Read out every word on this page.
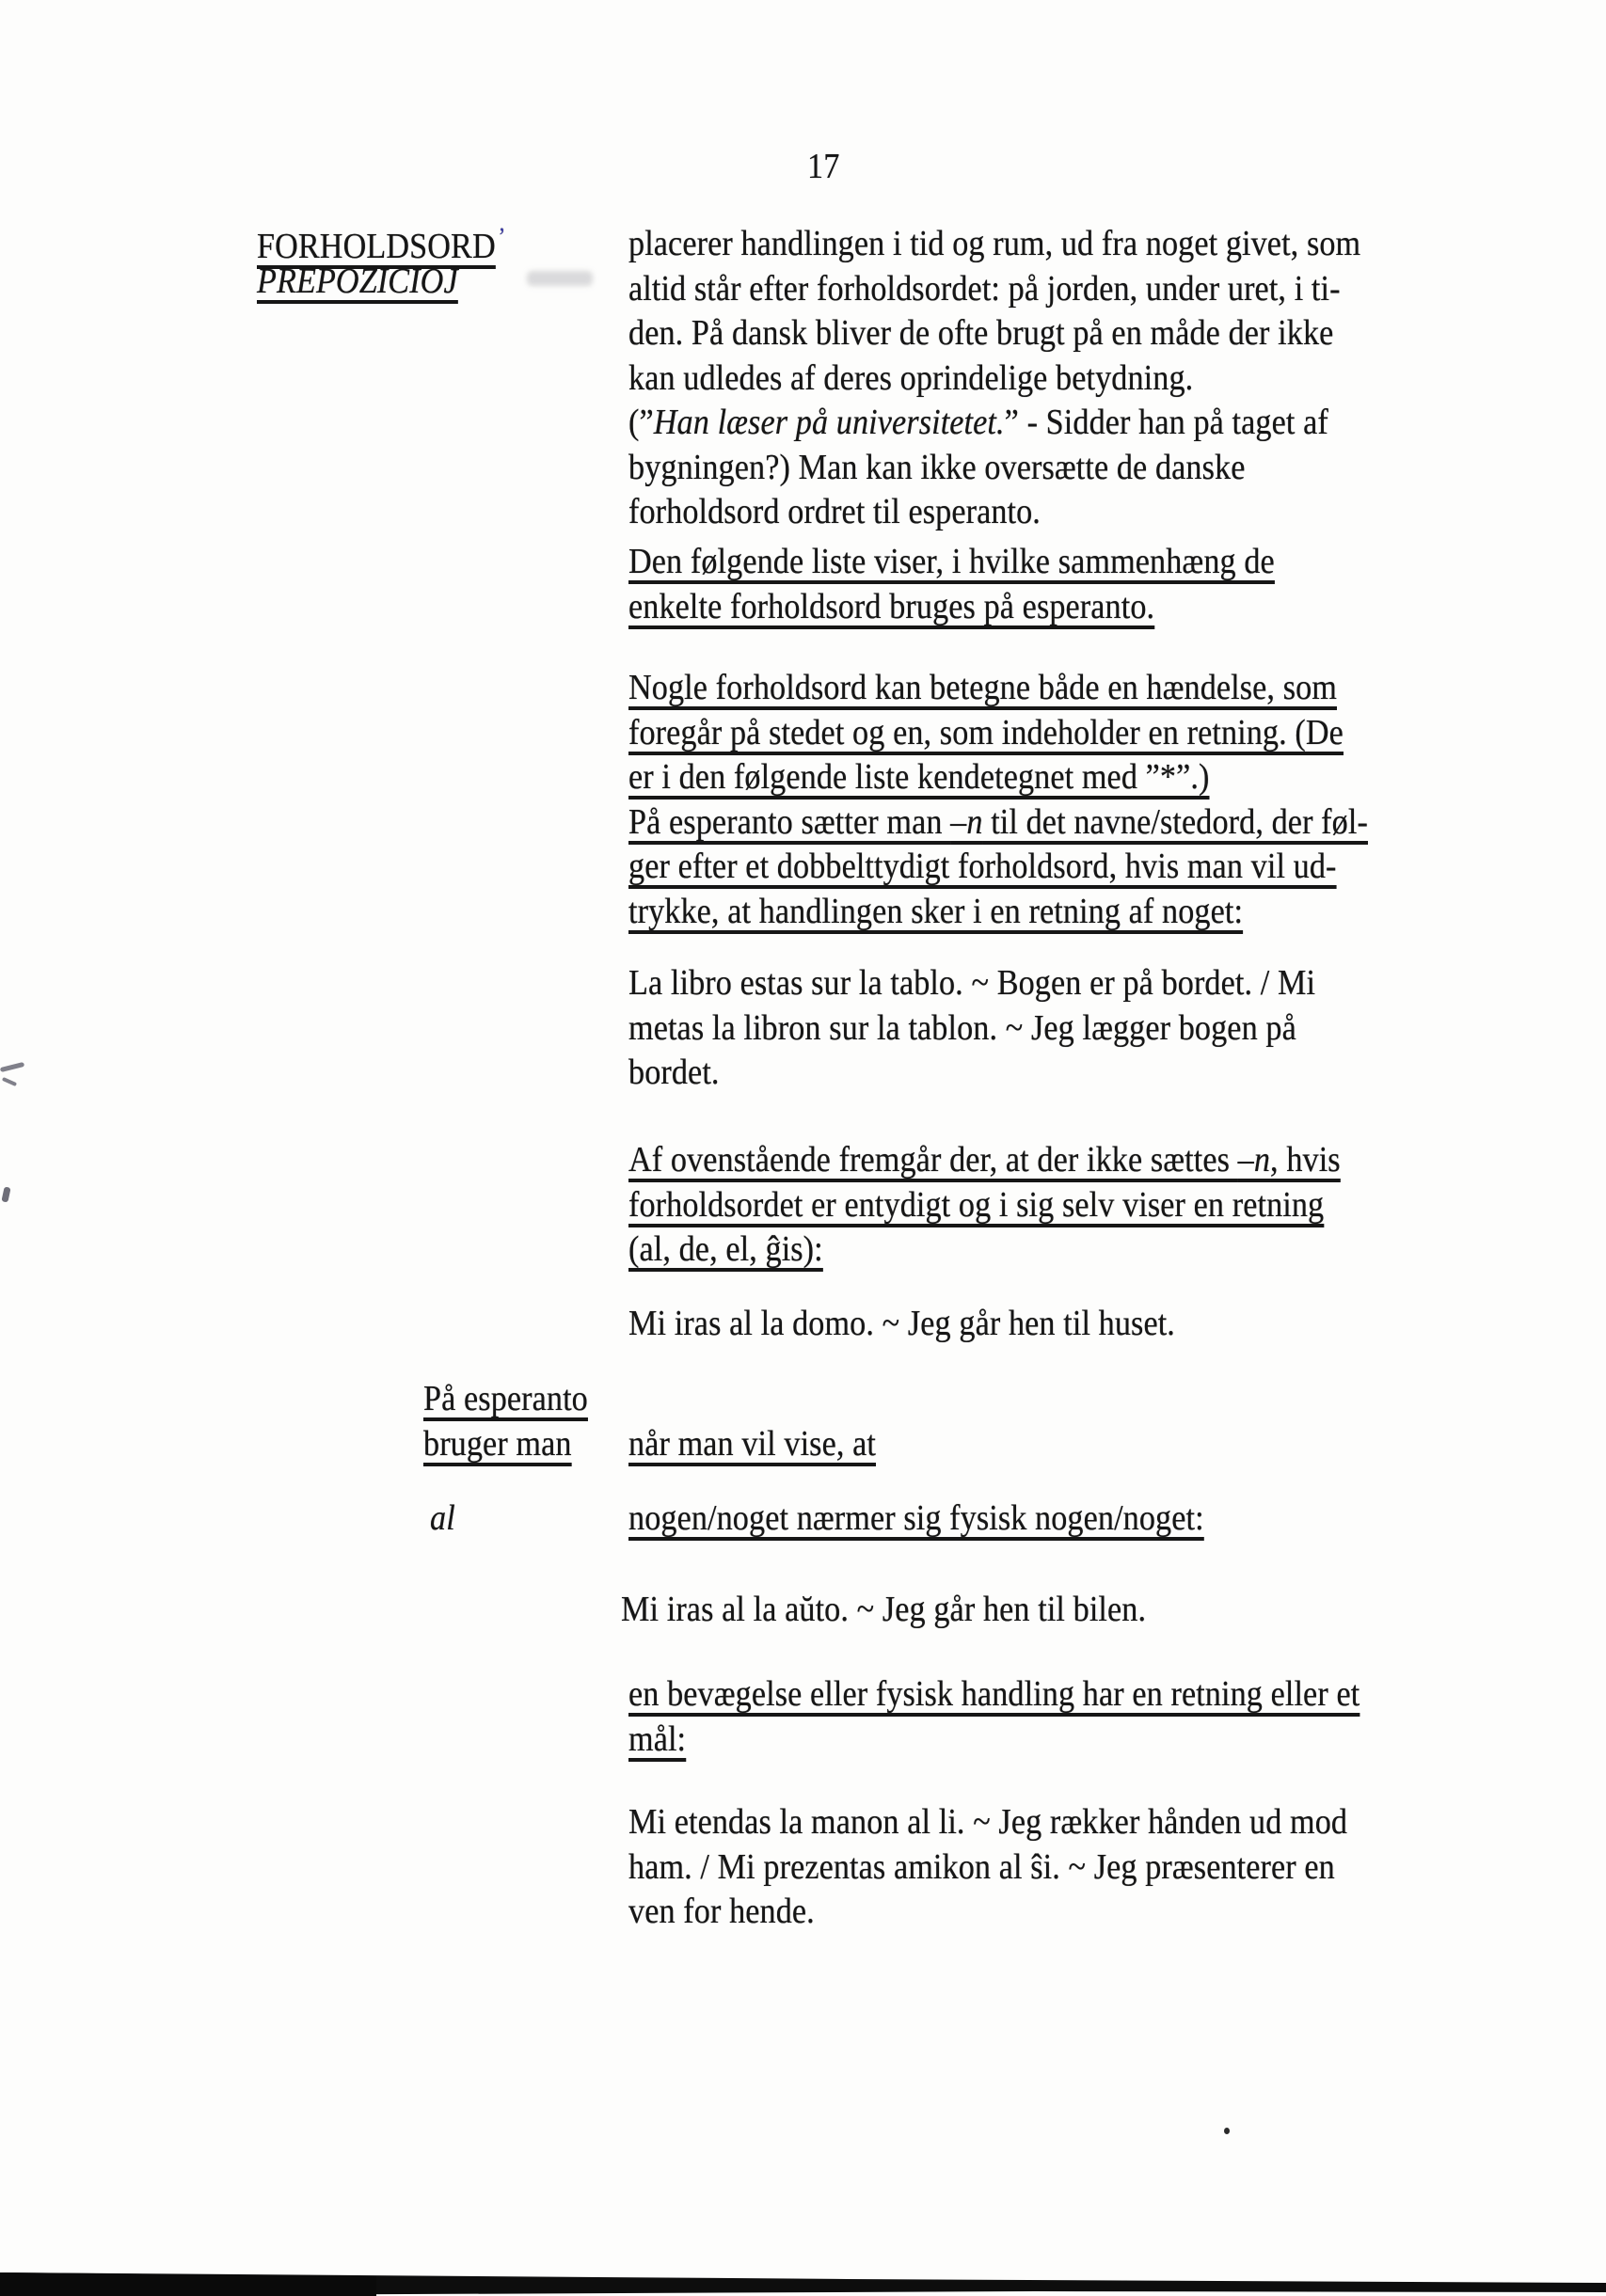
17
FORHOLDSORD ’
PREPOZICIOJ
placerer handlingen i tid og rum, ud fra noget givet, som
altid står efter forholdsordet: på jorden, under uret, i ti-
den. På dansk bliver de ofte brugt på en måde der ikke
kan udledes af deres oprindelige betydning.
(”Han læser på universitetet.” - Sidder han på taget af
bygningen?) Man kan ikke oversætte de danske
forholdsord ordret til esperanto.
Den følgende liste viser, i hvilke sammenhæng de
enkelte forholdsord bruges på esperanto.
Nogle forholdsord kan betegne både en hændelse, som
foregår på stedet og en, som indeholder en retning. (De
er i den følgende liste kendetegnet med ”*”.)
På esperanto sætter man –n til det navne/stedord, der føl-
ger efter et dobbelttydigt forholdsord, hvis man vil ud-
trykke, at handlingen sker i en retning af noget:
La libro estas sur la tablo. ~ Bogen er på bordet. / Mi
metas la libron sur la tablon. ~ Jeg lægger bogen på
bordet.
Af ovenstående fremgår der, at der ikke sættes –n, hvis
forholdsordet er entydigt og i sig selv viser en retning
(al, de, el, ĝis):
Mi iras al la domo. ~ Jeg går hen til huset.
På esperanto
bruger man	når man vil vise, at
al	nogen/noget nærmer sig fysisk nogen/noget:
Mi iras al la aŭto. ~ Jeg går hen til bilen.
en bevægelse eller fysisk handling har en retning eller et
mål:
Mi etendas la manon al li. ~ Jeg rækker hånden ud mod
ham. / Mi prezentas amikon al ŝi. ~ Jeg præsenterer en
ven for hende.
